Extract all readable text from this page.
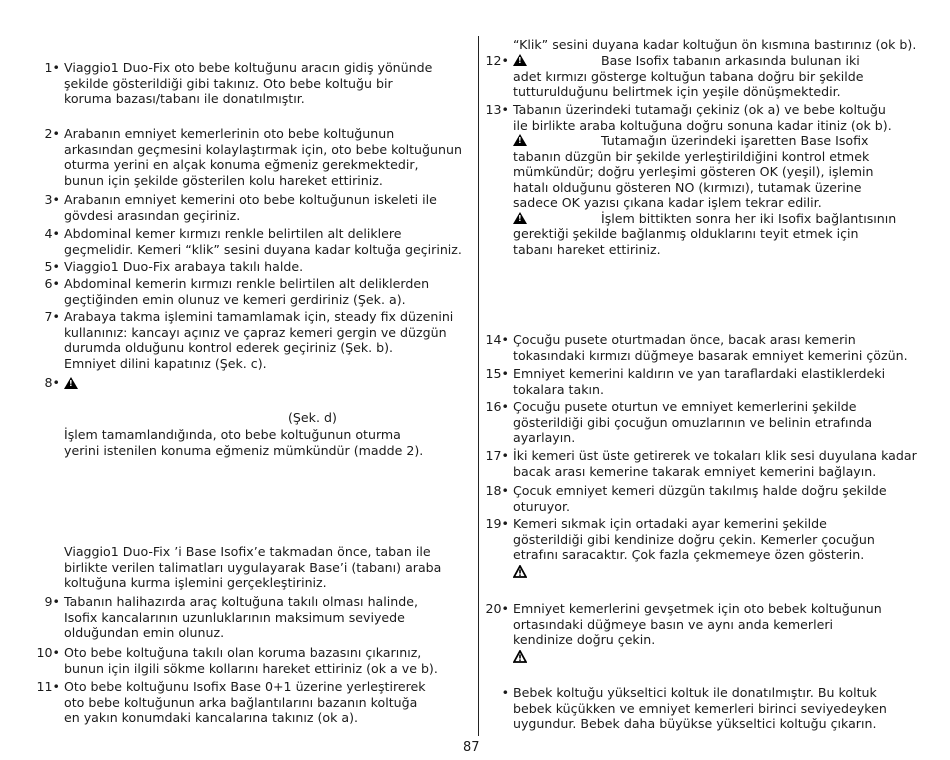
1• Viaggio1 Duo-Fix oto bebe koltuğunu aracın gidiş yönünde
şekilde gösterildiği gibi takınız. Oto bebe koltuğu bir
koruma bazası/tabanı ile donatılmıştır.
2• Arabanın emniyet kemerlerinin oto bebe koltuğunun
arkasından geçmesini kolaylaştırmak için, oto bebe koltuğunun
oturma yerini en alçak konuma eğmeniz gerekmektedir,
bunun için şekilde gösterilen kolu hareket ettiriniz.
3• Arabanın emniyet kemerini oto bebe koltuğunun iskeleti ile
gövdesi arasından geçiriniz.
4• Abdominal kemer kırmızı renkle belirtilen alt deliklere
geçmelidir. Kemeri “klik” sesini duyana kadar koltuğa geçiriniz.
5• Viaggio1 Duo-Fix arabaya takılı halde.
6• Abdominal kemerin kırmızı renkle belirtilen alt deliklerden
geçtiğinden emin olunuz ve kemeri gerdiriniz (Şek. a).
7• Arabaya takma işlemini tamamlamak için, steady fix düzenini
kullanınız: kancayı açınız ve çapraz kemeri gergin ve düzgün
durumda olduğunu kontrol ederek geçiriniz (Şek. b).
Emniyet dilini kapatınız (Şek. c).
8•
!
(Şek. d)
İşlem tamamlandığında, oto bebe koltuğunun oturma
yerini istenilen konuma eğmeniz mümkündür (madde 2).
Viaggio1 Duo-Fix ’i Base Isofix’e takmadan önce, taban ile
birlikte verilen talimatları uygulayarak Base’i (tabanı) araba
koltuğuna kurma işlemini gerçekleştiriniz.
9• Tabanın halihazırda araç koltuğuna takılı olması halinde,
Isofix kancalarının uzunluklarının maksimum seviyede
olduğundan emin olunuz.
10• Oto bebe koltuğuna takılı olan koruma bazasını çıkarınız,
bunun için ilgili sökme kollarını hareket ettiriniz (ok a ve b).
11• Oto bebe koltuğunu Isofix Base 0+1 üzerine yerleştirerek
oto bebe koltuğunun arka bağlantılarını bazanın koltuğa
en yakın konumdaki kancalarına takınız (ok a).
“Klik” sesini duyana kadar koltuğun ön kısmına bastırınız (ok b).
12•
!	Base Isofix tabanın arkasında bulunan iki
adet kırmızı gösterge koltuğun tabana doğru bir şekilde
tutturulduğunu belirtmek için yeşile dönüşmektedir.
13• Tabanın üzerindeki tutamağı çekiniz (ok a) ve bebe koltuğu
ile birlikte araba koltuğuna doğru sonuna kadar itiniz (ok b).
! Tutamağın üzerindeki işaretten Base Isofix
tabanın düzgün bir şekilde yerleştirildiğini kontrol etmek
mümkündür; doğru yerleşimi gösteren OK (yeşil), işlemin
hatalı olduğunu gösteren NO (kırmızı), tutamak üzerine
sadece OK yazısı çıkana kadar işlem tekrar edilir.
! İşlem bittikten sonra her iki Isofix bağlantısının
gerektiği şekilde bağlanmış olduklarını teyit etmek için
tabanı hareket ettiriniz.
14• Çocuğu pusete oturtmadan önce, bacak arası kemerin
tokasındaki kırmızı düğmeye basarak emniyet kemerini çözün.
15• Emniyet kemerini kaldırın ve yan taraflardaki elastiklerdeki
tokalara takın.
16• Çocuğu pusete oturtun ve emniyet kemerlerini şekilde
gösterildiği gibi çocuğun omuzlarının ve belinin etrafında
ayarlayın.
17• İki kemeri üst üste getirerek ve tokaları klik sesi duyulana kadar
bacak arası kemerine takarak emniyet kemerini bağlayın.
18• Çocuk emniyet kemeri düzgün takılmış halde doğru şekilde
oturuyor.
19• Kemeri sıkmak için ortadaki ayar kemerini şekilde
gösterildiği gibi kendinize doğru çekin. Kemerler çocuğun
etrafını saracaktır. Çok fazla çekmemeye özen gösterin.
20• Emniyet kemerlerini gevşetmek için oto bebek koltuğunun
ortasındaki düğmeye basın ve aynı anda kemerleri
kendinize doğru çekin.
• Bebek koltuğu yükseltici koltuk ile donatılmıştır. Bu koltuk
bebek küçükken ve emniyet kemerleri birinci seviyedeyken
uygundur. Bebek daha büyükse yükseltici koltuğu çıkarın.
87
